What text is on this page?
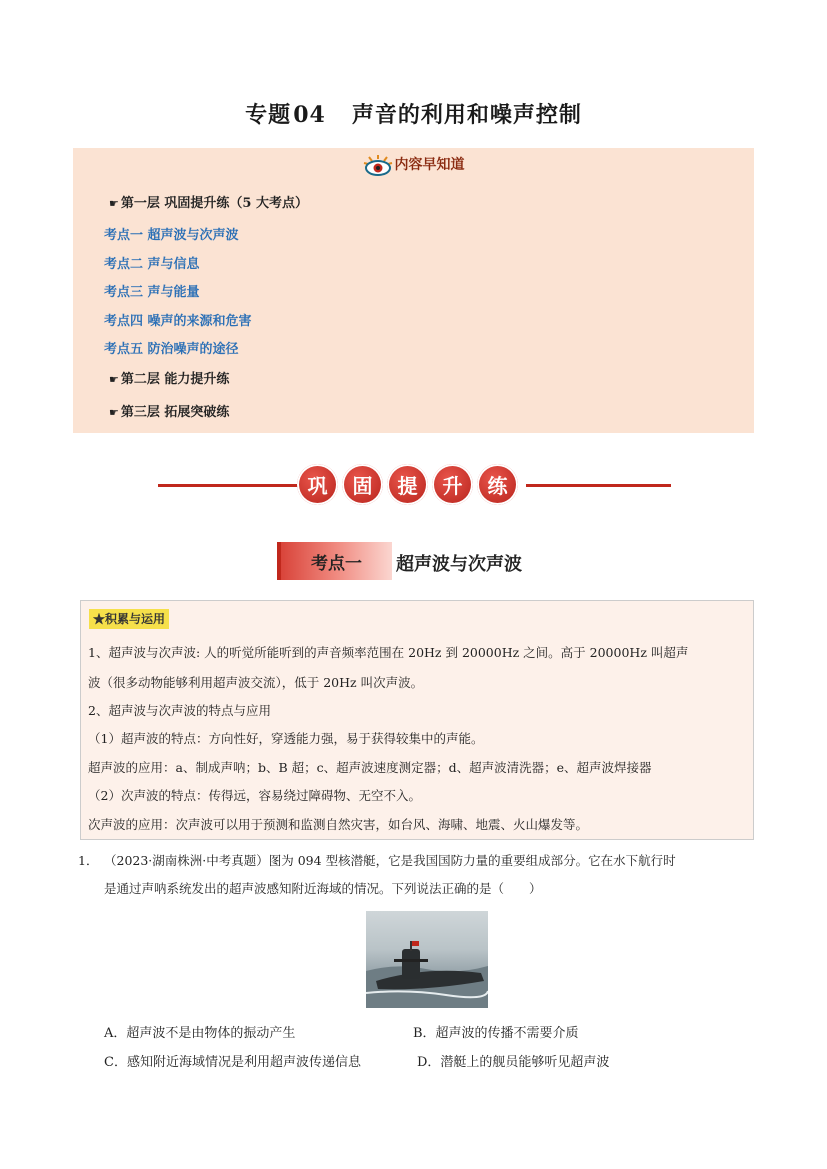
专题04 声音的利用和噪声控制
内容早知道
☛ 第一层 巩固提升练（5 大考点）
考点一 超声波与次声波
考点二 声与信息
考点三 声与能量
考点四 噪声的来源和危害
考点五 防治噪声的途径
☛ 第二层 能力提升练
☛ 第三层 拓展突破练
巩	固	提	升	练
考点一	超声波与次声波
★积累与运用
1、超声波与次声波: 人的听觉所能听到的声音频率范围在 20Hz 到 20000Hz 之间。高于 20000Hz 叫超声
波（很多动物能够利用超声波交流），低于 20Hz 叫次声波。
2、超声波与次声波的特点与应用
（1）超声波的特点：方向性好，穿透能力强，易于获得较集中的声能。
超声波的应用：a、制成声呐；b、B 超；c、超声波速度测定器；d、超声波清洗器；e、超声波焊接器
（2）次声波的特点：传得远，容易绕过障碍物、无空不入。
次声波的应用：次声波可以用于预测和监测自然灾害，如台风、海啸、地震、火山爆发等。
1． （2023·湖南株洲·中考真题）图为 094 型核潜艇，它是我国国防力量的重要组成部分。它在水下航行时
是通过声呐系统发出的超声波感知附近海域的情况。下列说法正确的是（　　）
A．超声波不是由物体的振动产生	B．超声波的传播不需要介质
C．感知附近海域情况是利用超声波传递信息	D．潜艇上的舰员能够听见超声波
